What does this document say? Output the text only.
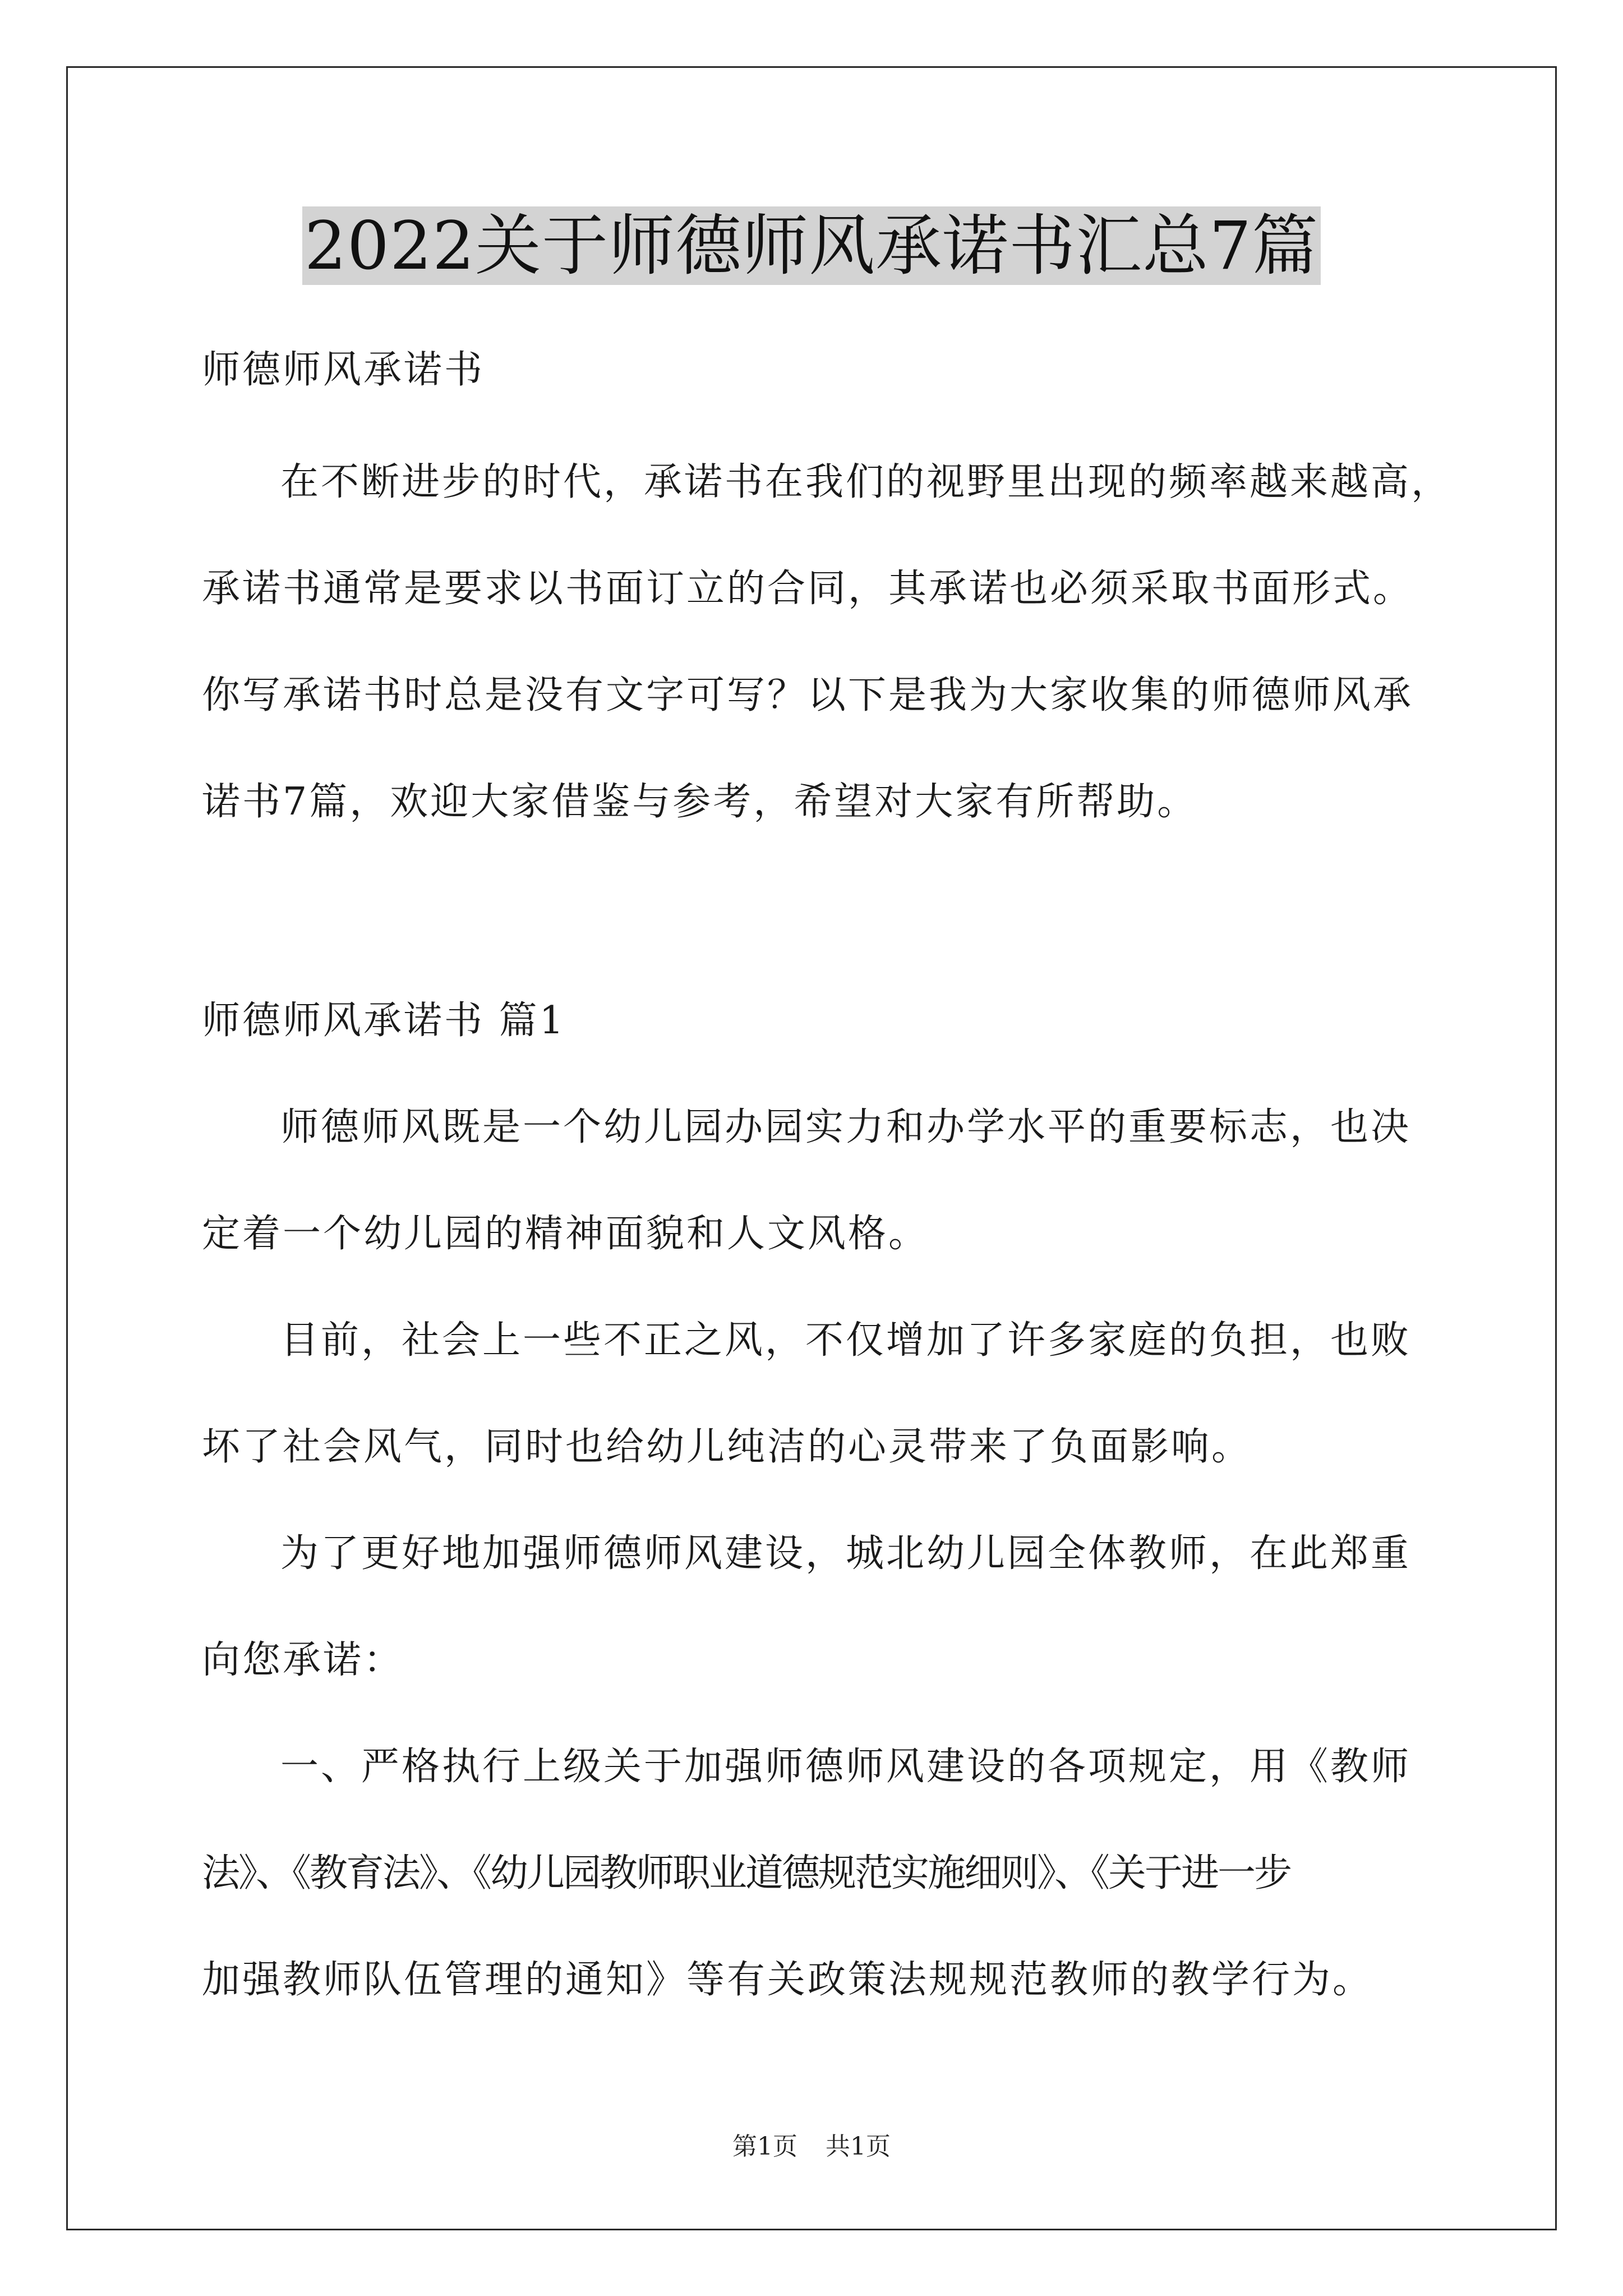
2022关于师德师风承诺书汇总7篇
师德师风承诺书
在不断进步的时代，承诺书在我们的视野里出现的频率越来越高，
承诺书通常是要求以书面订立的合同，其承诺也必须采取书面形式。
你写承诺书时总是没有文字可写？以下是我为大家收集的师德师风承
诺书7篇，欢迎大家借鉴与参考，希望对大家有所帮助。
师德师风承诺书 篇1
师德师风既是一个幼儿园办园实力和办学水平的重要标志，也决
定着一个幼儿园的精神面貌和人文风格。
目前，社会上一些不正之风，不仅增加了许多家庭的负担，也败
坏了社会风气，同时也给幼儿纯洁的心灵带来了负面影响。
为了更好地加强师德师风建设，城北幼儿园全体教师，在此郑重
向您承诺：
一、严格执行上级关于加强师德师风建设的各项规定，用《教师
法》、《教育法》、《幼儿园教师职业道德规范实施细则》、《关于进一步
加强教师队伍管理的通知》等有关政策法规规范教师的教学行为。
第1页 共1页
